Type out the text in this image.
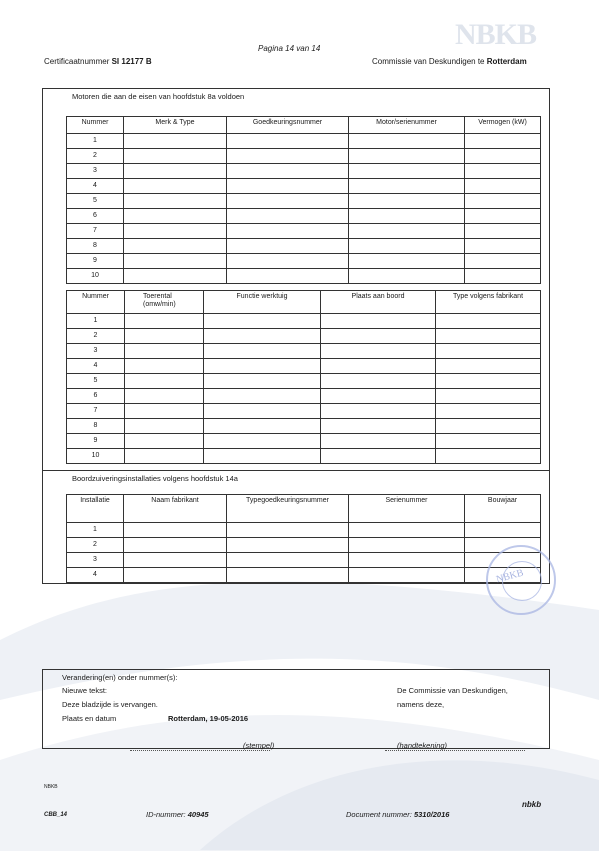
NBKB
Pagina 14 van 14
Certificaatnummer SI 12177 B	Commissie van Deskundigen te Rotterdam
Motoren die aan de eisen van hoofdstuk 8a voldoen
Nummer	Merk & Type	Goedkeuringsnummer	Motor/serienummer	Vermogen (kW)
1				
2				
3				
4				
5				
6				
7				
8				
9				
10				
Nummer	Toerental (omw/min)	Functie werktuig	Plaats aan boord	Type volgens fabrikant
1				
2				
3				
4				
5				
6				
7				
8				
9				
10				
Boordzuiveringsinstallaties volgens hoofdstuk 14a
Installatie	Naam fabrikant	Typegoedkeuringsnummer	Serienummer	Bouwjaar
1				
2				
3				
4					NBKB
Verandering(en) onder nummer(s):
Nieuwe tekst:
Deze bladzijde is vervangen.
Plaats en datum	Rotterdam, 19-05-2016
(stempel)
De Commissie van Deskundigen,
namens deze,
(handtekening)
NBKB
CBB_14	ID-nummer: 40945	Document nummer: 5310/2016
nbkb
